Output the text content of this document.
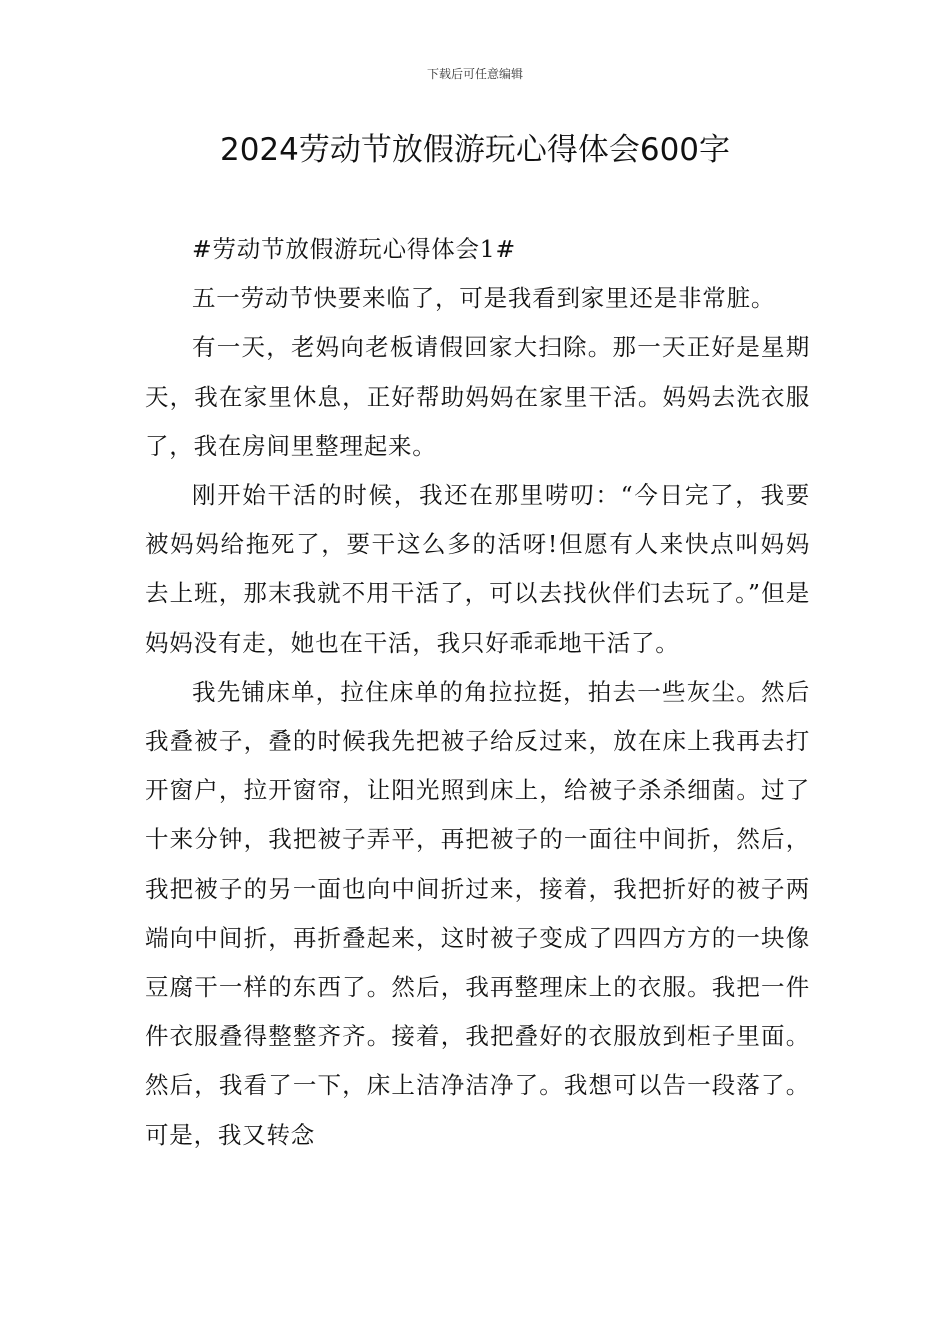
下载后可任意编辑
2024劳动节放假游玩心得体会600字

#劳动节放假游玩心得体会1#

五一劳动节快要来临了，可是我看到家里还是非常脏。

有一天，老妈向老板请假回家大扫除。那一天正好是星期天，我在家里休息，正好帮助妈妈在家里干活。妈妈去洗衣服了，我在房间里整理起来。

刚开始干活的时候，我还在那里唠叨：“今日完了，我要被妈妈给拖死了，要干这么多的活呀!但愿有人来快点叫妈妈去上班，那末我就不用干活了，可以去找伙伴们去玩了。”但是妈妈没有走，她也在干活，我只好乖乖地干活了。

我先铺床单，拉住床单的角拉拉挺，拍去一些灰尘。然后我叠被子，叠的时候我先把被子给反过来，放在床上我再去打开窗户，拉开窗帘，让阳光照到床上，给被子杀杀细菌。过了十来分钟，我把被子弄平，再把被子的一面往中间折，然后，我把被子的另一面也向中间折过来，接着，我把折好的被子两端向中间折，再折叠起来，这时被子变成了四四方方的一块像豆腐干一样的东西了。然后，我再整理床上的衣服。我把一件件衣服叠得整整齐齐。接着，我把叠好的衣服放到柜子里面。然后，我看了一下，床上洁净洁净了。我想可以告一段落了。可是，我又转念
